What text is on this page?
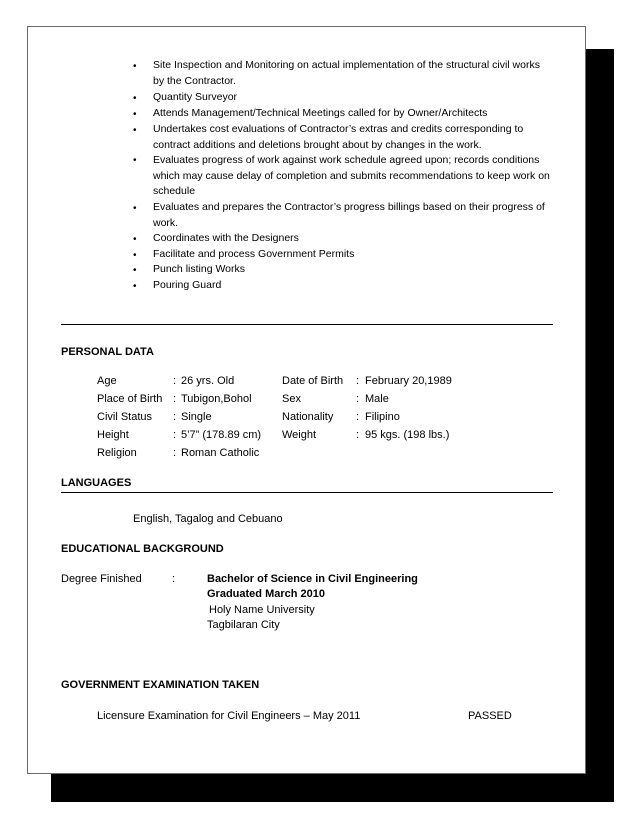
• Site Inspection and Monitoring on actual implementation of the structural civil works by the Contractor.
• Quantity Surveyor
• Attends Management/Technical Meetings called for by Owner/Architects
• Undertakes cost evaluations of Contractor’s extras and credits corresponding to contract additions and deletions brought about by changes in the work.
• Evaluates progress of work against work schedule agreed upon; records conditions which may cause delay of completion and submits recommendations to keep work on schedule
• Evaluates and prepares the Contractor’s progress billings based on their progress of work.
• Coordinates with the Designers
• Facilitate and process Government Permits
• Punch listing Works
• Pouring Guard
PERSONAL DATA
Age	: 26 yrs. Old	Date of Birth : February 20,1989
Place of Birth : Tubigon,Bohol	Sex	: Male
Civil Status : Single	Nationality : Filipino
Height	: 5’7” (178.89 cm) Weight	: 95 kgs. (198 lbs.)
Religion	: Roman Catholic
LANGUAGES
English, Tagalog and Cebuano
EDUCATIONAL BACKGROUND
Degree Finished	:	Bachelor of Science in Civil Engineering
Graduated March 2010
Holy Name University
Tagbilaran City
GOVERNMENT EXAMINATION TAKEN
Licensure Examination for Civil Engineers – May 2011	PASSED
